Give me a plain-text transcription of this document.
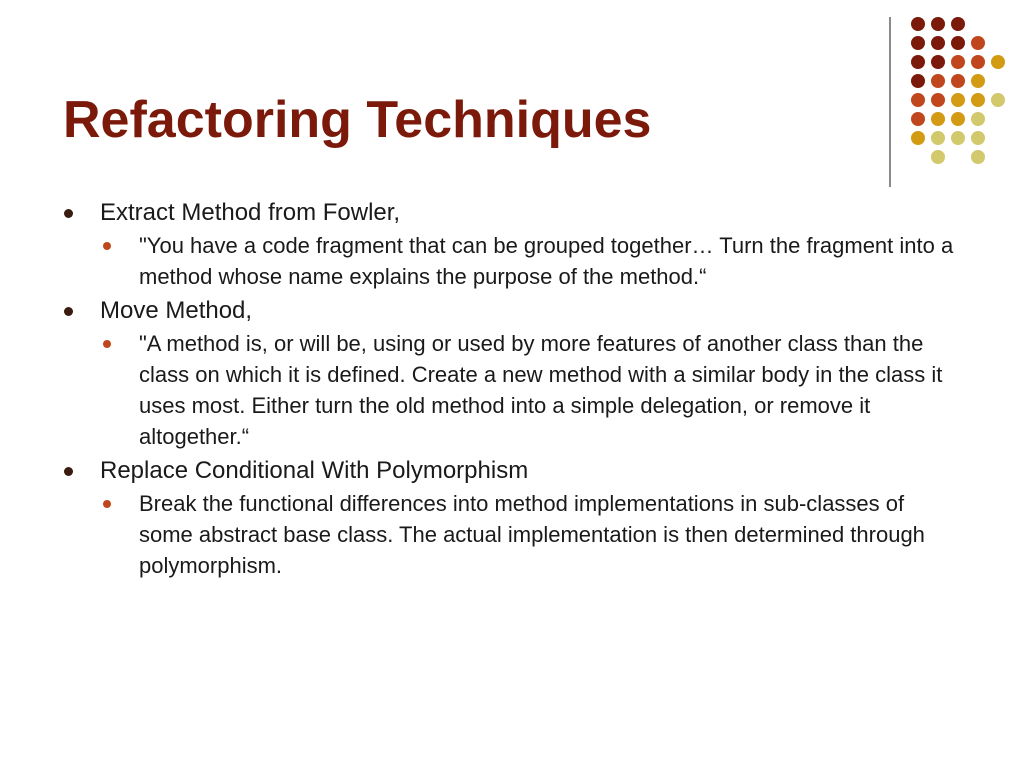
Refactoring Techniques
Extract Method from Fowler,
"You have a code fragment that can be grouped together… Turn the fragment into a method whose name explains the purpose of the method.“
Move Method,
"A method is, or will be, using or used by more features of another class than the class on which it is defined. Create a new method with a similar body in the class it uses most. Either turn the old method into a simple delegation, or remove it altogether.“
Replace Conditional With Polymorphism
Break the functional differences into method implementations in sub-classes of some abstract base class. The actual implementation is then determined through polymorphism.
